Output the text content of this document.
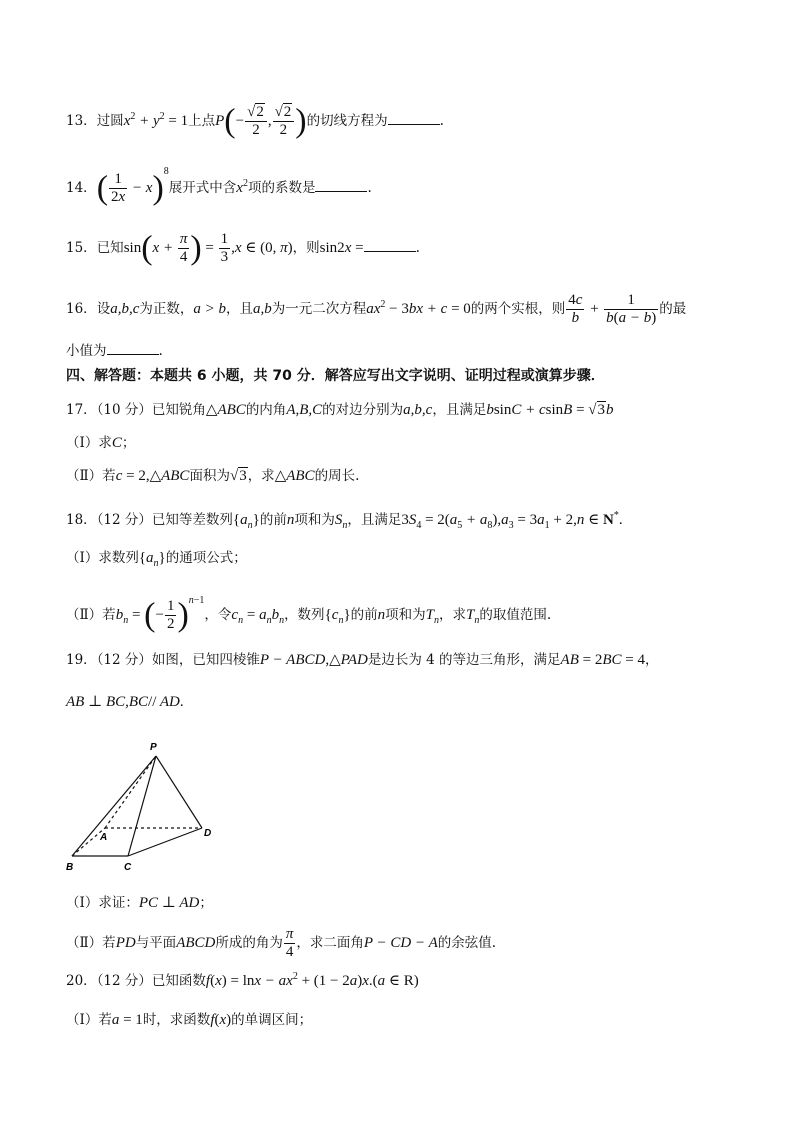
13．过圆$x^2 + y^2 = 1$上点$P(- \frac{√2}{2}$ , $\frac{√2}{2}$ )的切线方程为	.
14．( $\frac{1}{2x} - x)^8$展开式中含$x^2$项的系数是	.
15．已知$\sin(x + \frac{\pi}{4}$ ) = $\frac{1}{3} ,x$ ∈ (0, π)，则sin2x =	.
16．设a,b,c为正数，a > b，且a,b为一元二次方程$ax^2 - 3bx + c = 0$的两个实根，则 $\frac{4c}{b} + \frac{1}{b(a - b)}$ 的最
小值为	.
四、解答题：本题共 6 小题，共 70 分．解答应写出文字说明、证明过程或演算步骤．
17．（10 分）已知锐角△ABC的内角A,B,C的对边分别为a,b,c，且满足bsinC + csinB = √3b
（Ⅰ）求C；
（Ⅱ）若c = 2,△ABC面积为√3，求△ABC的周长.
18．（12 分）已知等差数列$\{a_n\}$的前n项和为$S_n$，且满足$3S_4 = 2(a_5 + a_8),a_3 = 3a_1 + 2,n$ ∈ N*.
（Ⅰ）求数列$\{a_n\}$的通项公式；
（Ⅱ）若$b_n$ = (− $\frac{1}{2} )^{n-1}$，令$c_n = a_nb_n$，数列$\{c_n\}$的前n项和为$T_n$，求$T_n$的取值范围.
19．（12 分）如图，已知四棱锥P − ABCD,△PAD是边长为 4 的等边三角形，满足AB = 2BC = 4，
AB ⊥ BC,BC// AD.
P
A
B	C
D
（Ⅰ）求证：PC ⊥ AD；
（Ⅱ）若PD与平面ABCD所成的角为 $\frac{\pi}{4}$ ，求二面角P − CD − A的余弦值.
20．（12 分）已知函数$f(x) = \ln x - ax^2 + (1 - 2a)x.(a$ ∈ R)
（Ⅰ）若a = 1时，求函数f(x)的单调区间；
